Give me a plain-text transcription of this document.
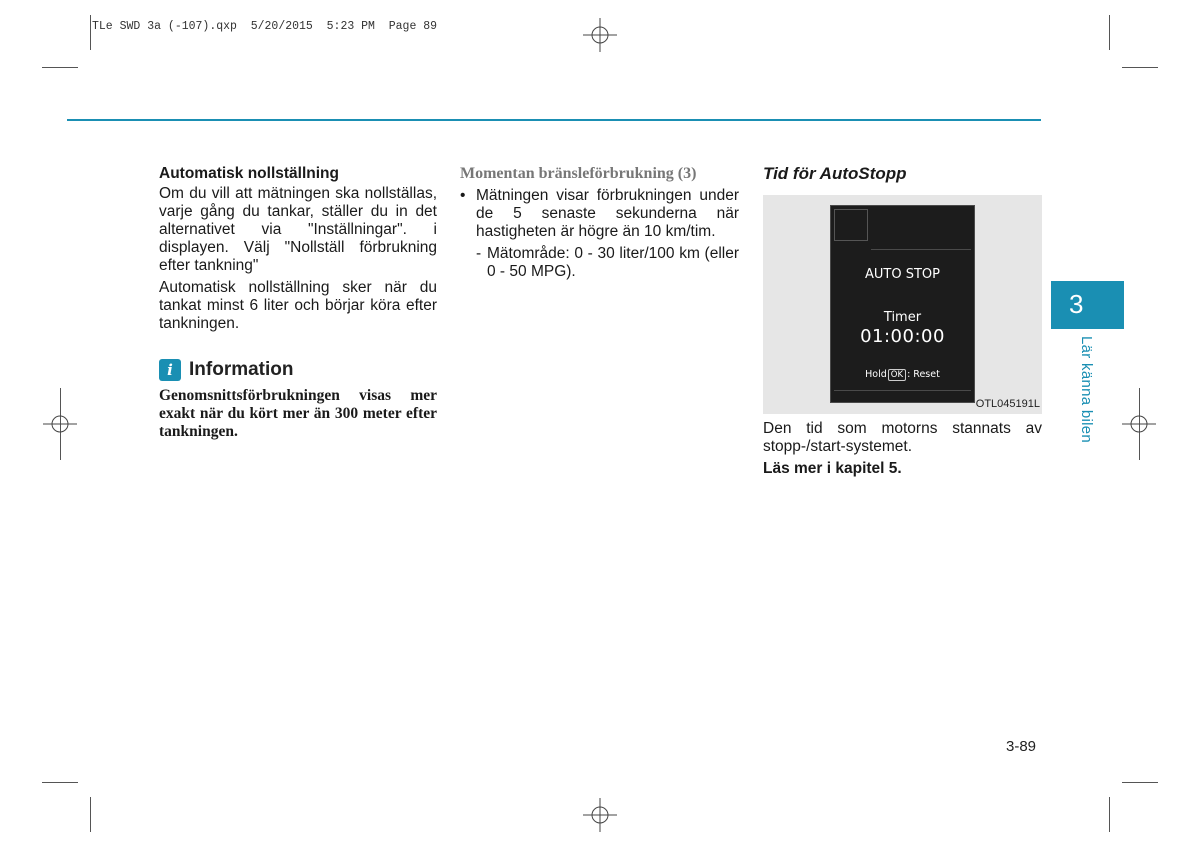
TLe SWD 3a (-107).qxp  5/20/2015  5:23 PM  Page 89
Automatisk nollställning

Om du vill att mätningen ska nollställas, varje gång du tankar, ställer du in det alternativet via "Inställningar". i displayen. Välj "Nollställ förbrukning efter tankning"

Automatisk nollställning sker när du tankat minst 6 liter och börjar köra efter tankningen.

i Information
Genomsnittsförbrukningen visas mer exakt när du kört mer än 300 meter efter tankningen.
Momentan bränsleförbrukning (3)
• Mätningen visar förbrukningen under de 5 senaste sekunderna när hastigheten är högre än 10 km/tim.
- Mätområde: 0 - 30 liter/100 km (eller 0 - 50 MPG).
Tid för AutoStopp
AUTO STOP
Timer
01:00:00
Hold OK : Reset
OTL045191L

Den tid som motorns stannats av stopp-/start-systemet.

Läs mer i kapitel 5.
3
Lär känna bilen
3-89
